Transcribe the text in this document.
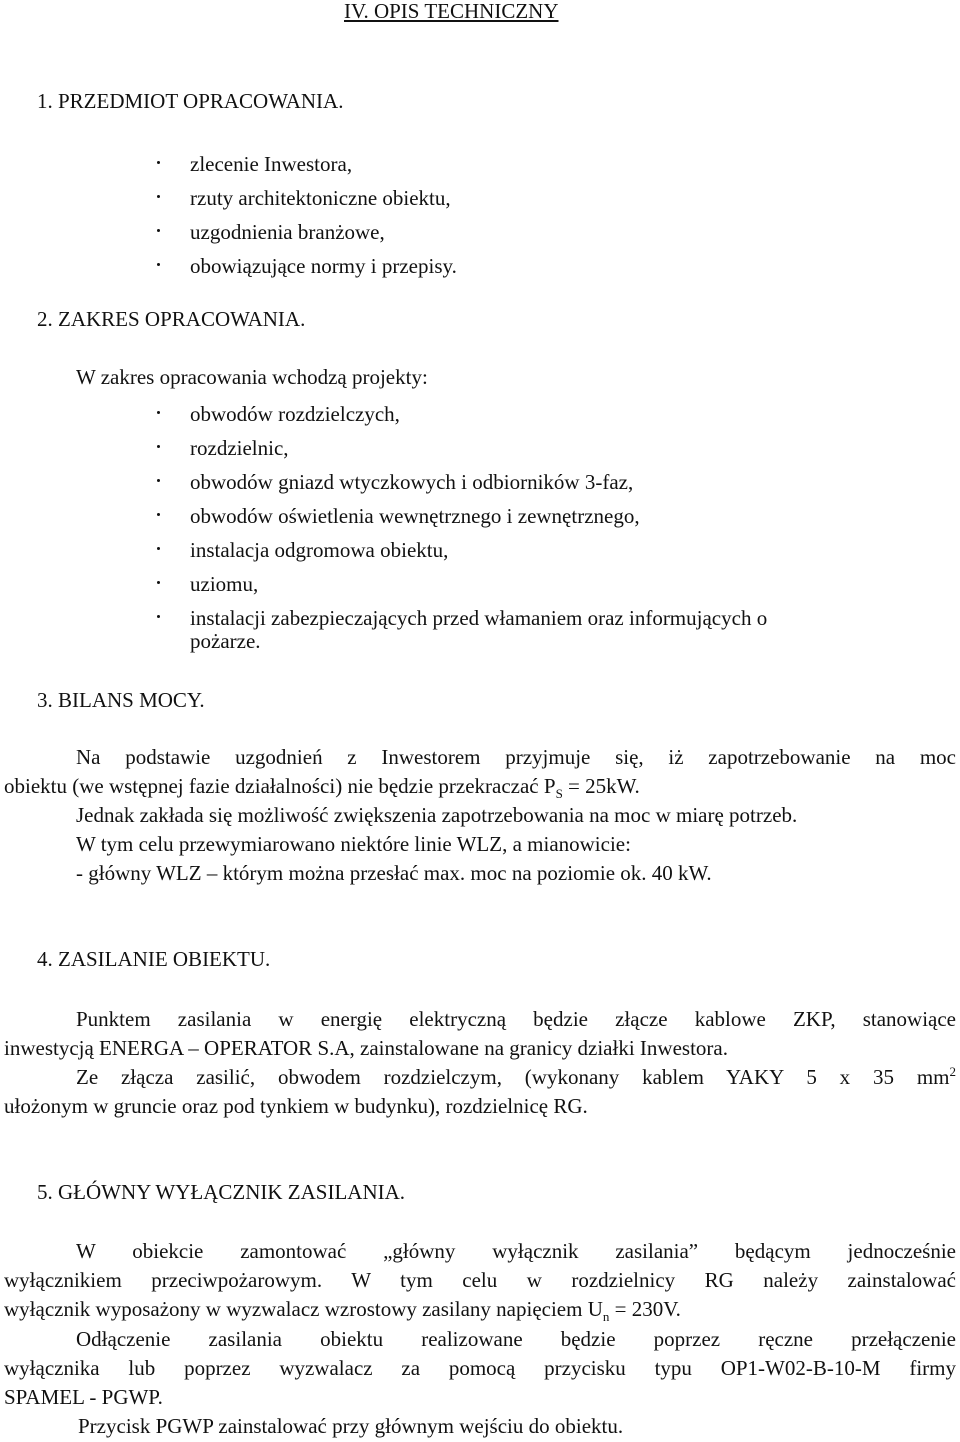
IV. OPIS TECHNICZNY
1. PRZEDMIOT OPRACOWANIA.
zlecenie Inwestora,
rzuty architektoniczne obiektu,
uzgodnienia branżowe,
obowiązujące normy i przepisy.
2. ZAKRES OPRACOWANIA.
W zakres opracowania wchodzą projekty:
obwodów rozdzielczych,
rozdzielnic,
obwodów gniazd wtyczkowych i odbiorników 3-faz,
obwodów oświetlenia wewnętrznego i zewnętrznego,
instalacja odgromowa obiektu,
uziomu,
instalacji zabezpieczających przed włamaniem oraz informujących o
pożarze.
3. BILANS MOCY.
Na podstawie uzgodnień z Inwestorem przyjmuje się, iż zapotrzebowanie na moc
obiektu (we wstępnej fazie działalności) nie będzie przekraczać $P_S = 25kW$.
Jednak zakłada się możliwość zwiększenia zapotrzebowania na moc w miarę potrzeb.
W tym celu przewymiarowano niektóre linie WLZ, a mianowicie:
- główny WLZ – którym można przesłać max. moc na poziomie ok. 40 kW.
4. ZASILANIE OBIEKTU.
Punktem zasilania w energię elektryczną będzie złącze kablowe ZKP, stanowiące
inwestycją ENERGA – OPERATOR S.A, zainstalowane na granicy działki Inwestora.
Ze złącza zasilić, obwodem rozdzielczym, (wykonany kablem YAKY 5 x 35 $mm^2$
ułożonym w gruncie oraz pod tynkiem w budynku), rozdzielnicę RG.
5. GŁÓWNY WYŁĄCZNIK ZASILANIA.
W obiekcie zamontować „główny wyłącznik zasilania” będącym jednocześnie
wyłącznikiem przeciwpożarowym. W tym celu w rozdzielnicy RG należy zainstalować
wyłącznik wyposażony w wyzwalacz wzrostowy zasilany napięciem $U_n = 230V$.
Odłączenie zasilania obiektu realizowane będzie poprzez ręczne przełączenie
wyłącznika lub poprzez wyzwalacz za pomocą przycisku typu OP1-W02-B-10-M firmy
SPAMEL - PGWP.
Przycisk PGWP zainstalować przy głównym wejściu do obiektu.
